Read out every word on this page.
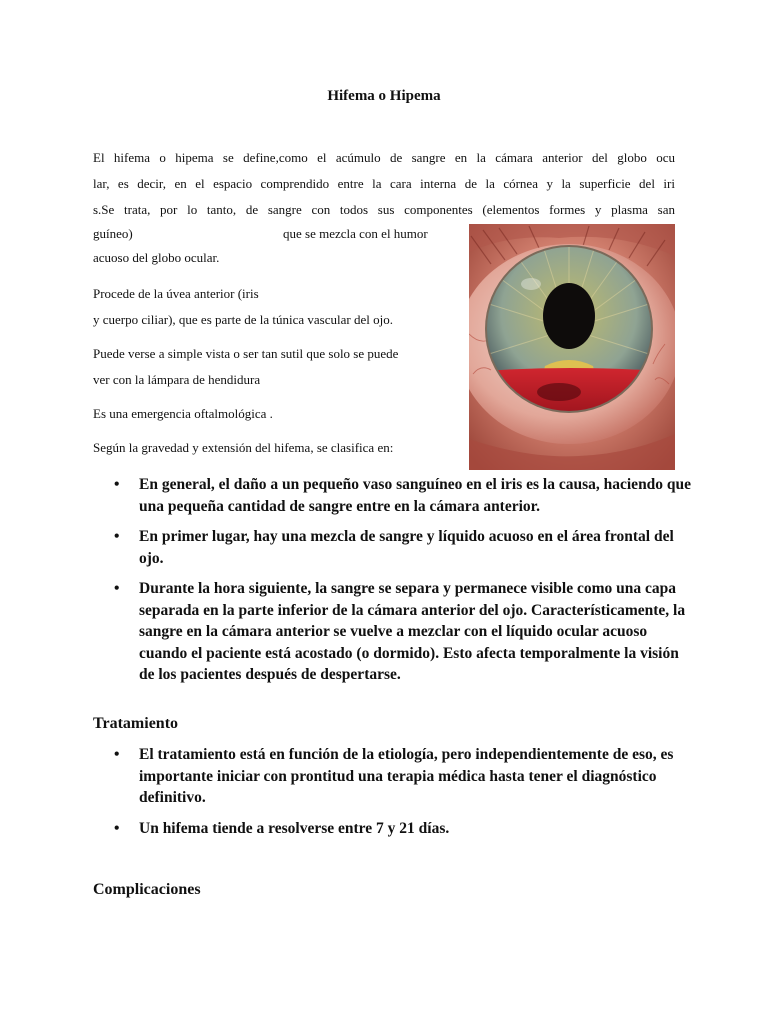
Hifema o Hipema
El hifema o hipema se define,como el acúmulo de sangre en la cámara anterior del globo ocu
lar, es decir, en el espacio comprendido entre la cara interna de la córnea y la superficie del iri
s.Se trata, por lo tanto, de sangre con todos sus componentes (elementos formes y plasma san
guíneo)	que se mezcla con el humor
acuoso del globo ocular.
Procede de la úvea anterior (iris
y cuerpo ciliar), que es parte de la túnica vascular del ojo.
Puede verse a simple vista o ser tan sutil que solo se puede
ver con la lámpara de hendidura
Es una emergencia oftalmológica .
Según la gravedad y extensión del hifema, se clasifica en:
• En general, el daño a un pequeño vaso sanguíneo en el iris es la causa, haciendo que una pequeña cantidad de sangre entre en la cámara anterior.
• En primer lugar, hay una mezcla de sangre y líquido acuoso en el área frontal del ojo.
• Durante la hora siguiente, la sangre se separa y permanece visible como una capa separada en la parte inferior de la cámara anterior del ojo. Característicamente, la sangre en la cámara anterior se vuelve a mezclar con el líquido ocular acuoso cuando el paciente está acostado (o dormido). Esto afecta temporalmente la visión de los pacientes después de despertarse.
Tratamiento
• El tratamiento está en función de la etiología, pero independientemente de eso, es importante iniciar con prontitud una terapia médica hasta tener el diagnóstico definitivo.
• Un hifema tiende a resolverse entre 7 y 21 días.
Complicaciones
